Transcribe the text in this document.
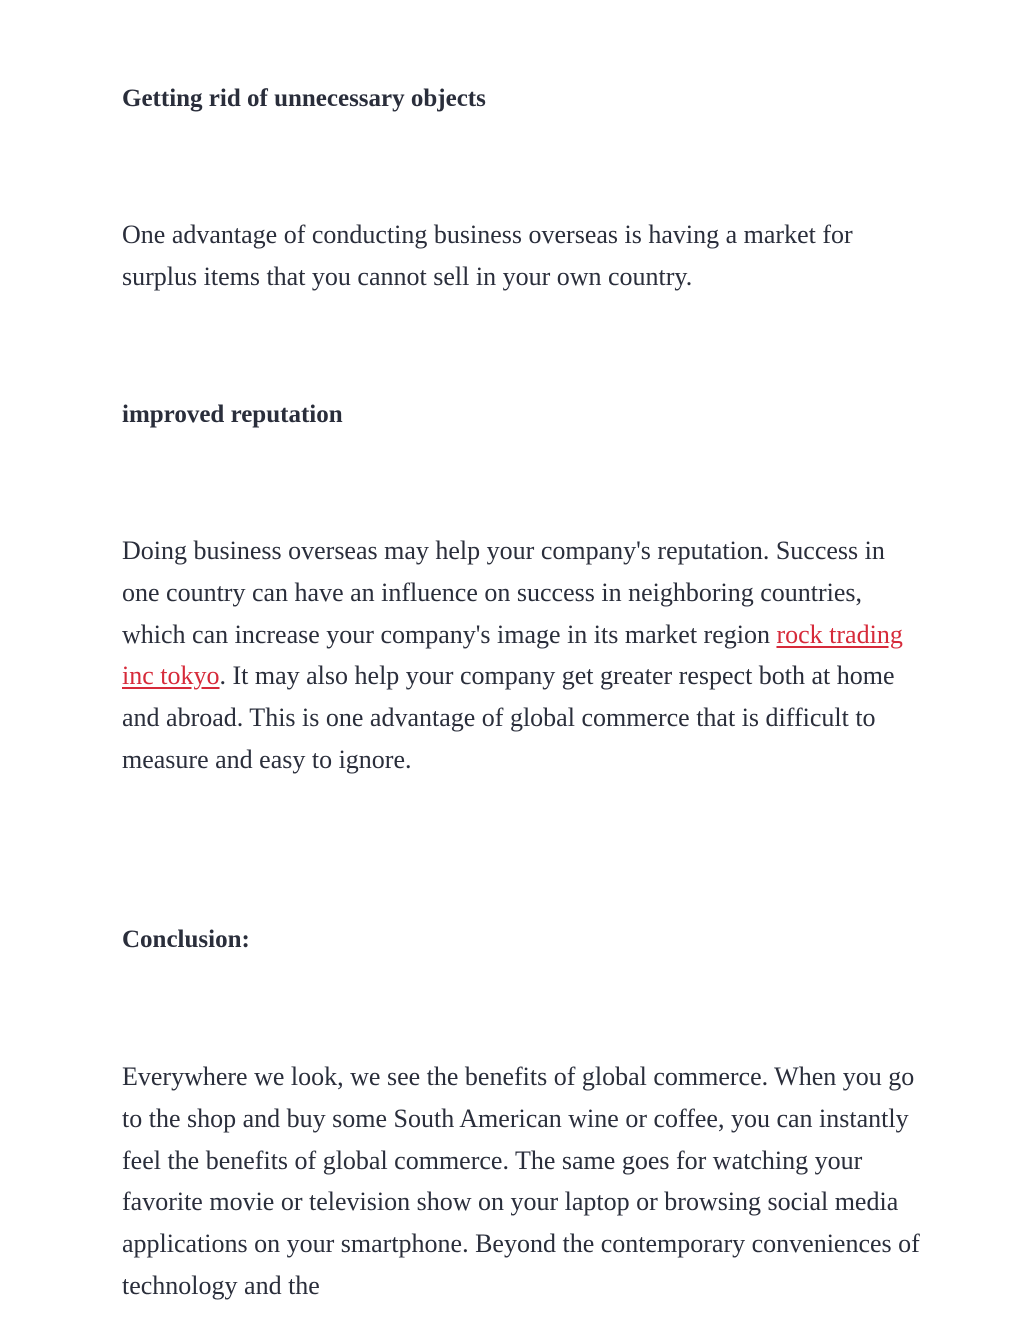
Getting rid of unnecessary objects

One advantage of conducting business overseas is having a market for surplus items that you cannot sell in your own country.

improved reputation

Doing business overseas may help your company's reputation. Success in one country can have an influence on success in neighboring countries, which can increase your company's image in its market region rock trading inc tokyo. It may also help your company get greater respect both at home and abroad. This is one advantage of global commerce that is difficult to measure and easy to ignore.

Conclusion:

Everywhere we look, we see the benefits of global commerce. When you go to the shop and buy some South American wine or coffee, you can instantly feel the benefits of global commerce. The same goes for watching your favorite movie or television show on your laptop or browsing social media applications on your smartphone. Beyond the contemporary conveniences of technology and the
